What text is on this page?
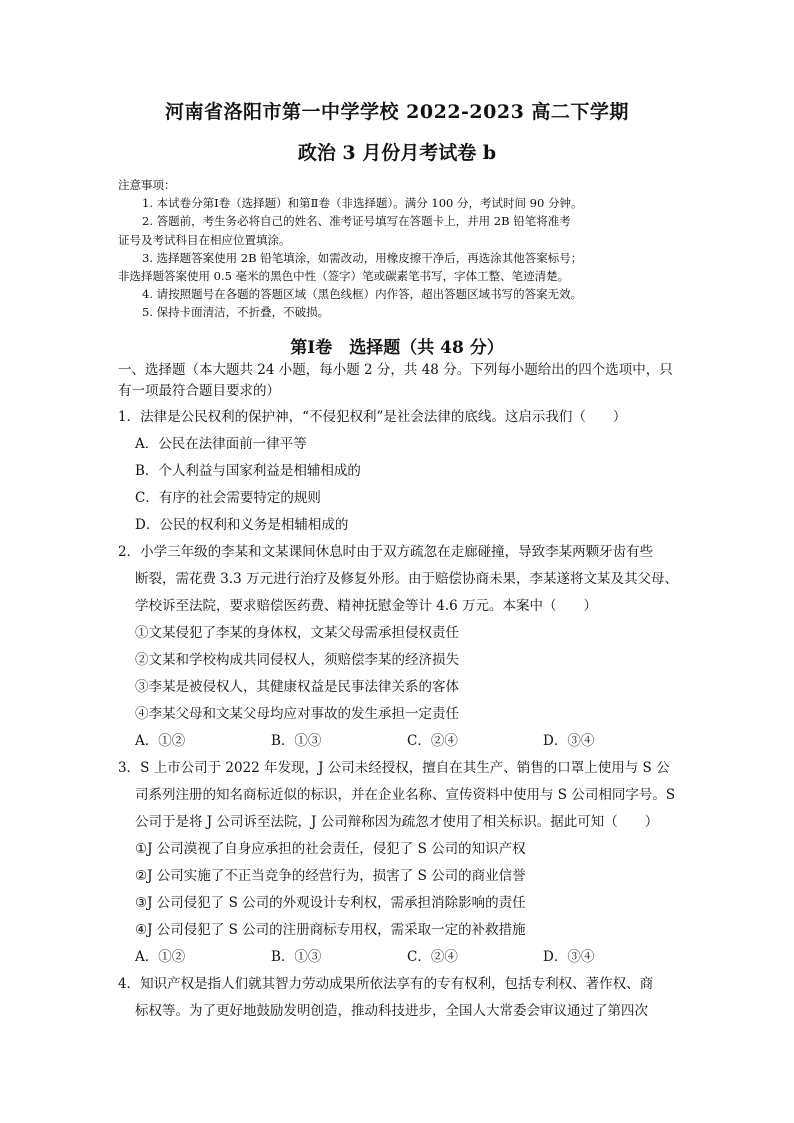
河南省洛阳市第一中学学校 2022-2023 高二下学期
政治 3 月份月考试卷 b
注意事项：
1. 本试卷分第Ⅰ卷（选择题）和第Ⅱ卷（非选择题）。满分 100 分，考试时间 90 分钟。
2. 答题前，考生务必将自己的姓名、准考证号填写在答题卡上，并用 2B 铅笔将准考
证号及考试科目在相应位置填涂。
3. 选择题答案使用 2B 铅笔填涂，如需改动，用橡皮擦干净后，再选涂其他答案标号；
非选择题答案使用 0.5 毫米的黑色中性（签字）笔或碳素笔书写，字体工整、笔迹清楚。
4. 请按照题号在各题的答题区域（黑色线框）内作答，超出答题区域书写的答案无效。
5. 保持卡面清洁，不折叠，不破损。
第Ⅰ卷　选择题（共 48 分）
一、选择题（本大题共 24 小题，每小题 2 分，共 48 分。下列每小题给出的四个选项中，只
有一项最符合题目要求的）
1．法律是公民权利的保护神，“不侵犯权利”是社会法律的底线。这启示我们（　　）
A．公民在法律面前一律平等
B．个人利益与国家利益是相辅相成的
C．有序的社会需要特定的规则
D．公民的权利和义务是相辅相成的
2．小学三年级的李某和文某课间休息时由于双方疏忽在走廊碰撞，导致李某两颗牙齿有些
断裂，需花费 3.3 万元进行治疗及修复外形。由于赔偿协商未果，李某遂将文某及其父母、
学校诉至法院，要求赔偿医药费、精神抚慰金等计 4.6 万元。本案中（　　）
①文某侵犯了李某的身体权，文某父母需承担侵权责任
②文某和学校构成共同侵权人，须赔偿李某的经济损失
③李某是被侵权人，其健康权益是民事法律关系的客体
④李某父母和文某父母均应对事故的发生承担一定责任
A．①②	B．①③	C．②④	D．③④
3．S 上市公司于 2022 年发现，J 公司未经授权，擅自在其生产、销售的口罩上使用与 S 公
司系列注册的知名商标近似的标识，并在企业名称、宣传资料中使用与 S 公司相同字号。S
公司于是将 J 公司诉至法院，J 公司辩称因为疏忽才使用了相关标识。据此可知（　　）
①J 公司漠视了自身应承担的社会责任，侵犯了 S 公司的知识产权
②J 公司实施了不正当竞争的经营行为，损害了 S 公司的商业信誉
③J 公司侵犯了 S 公司的外观设计专利权，需承担消除影响的责任
④J 公司侵犯了 S 公司的注册商标专用权，需采取一定的补救措施
A．①②	B．①③	C．②④	D．③④
4．知识产权是指人们就其智力劳动成果所依法享有的专有权利，包括专利权、著作权、商
标权等。为了更好地鼓励发明创造，推动科技进步，全国人大常委会审议通过了第四次
